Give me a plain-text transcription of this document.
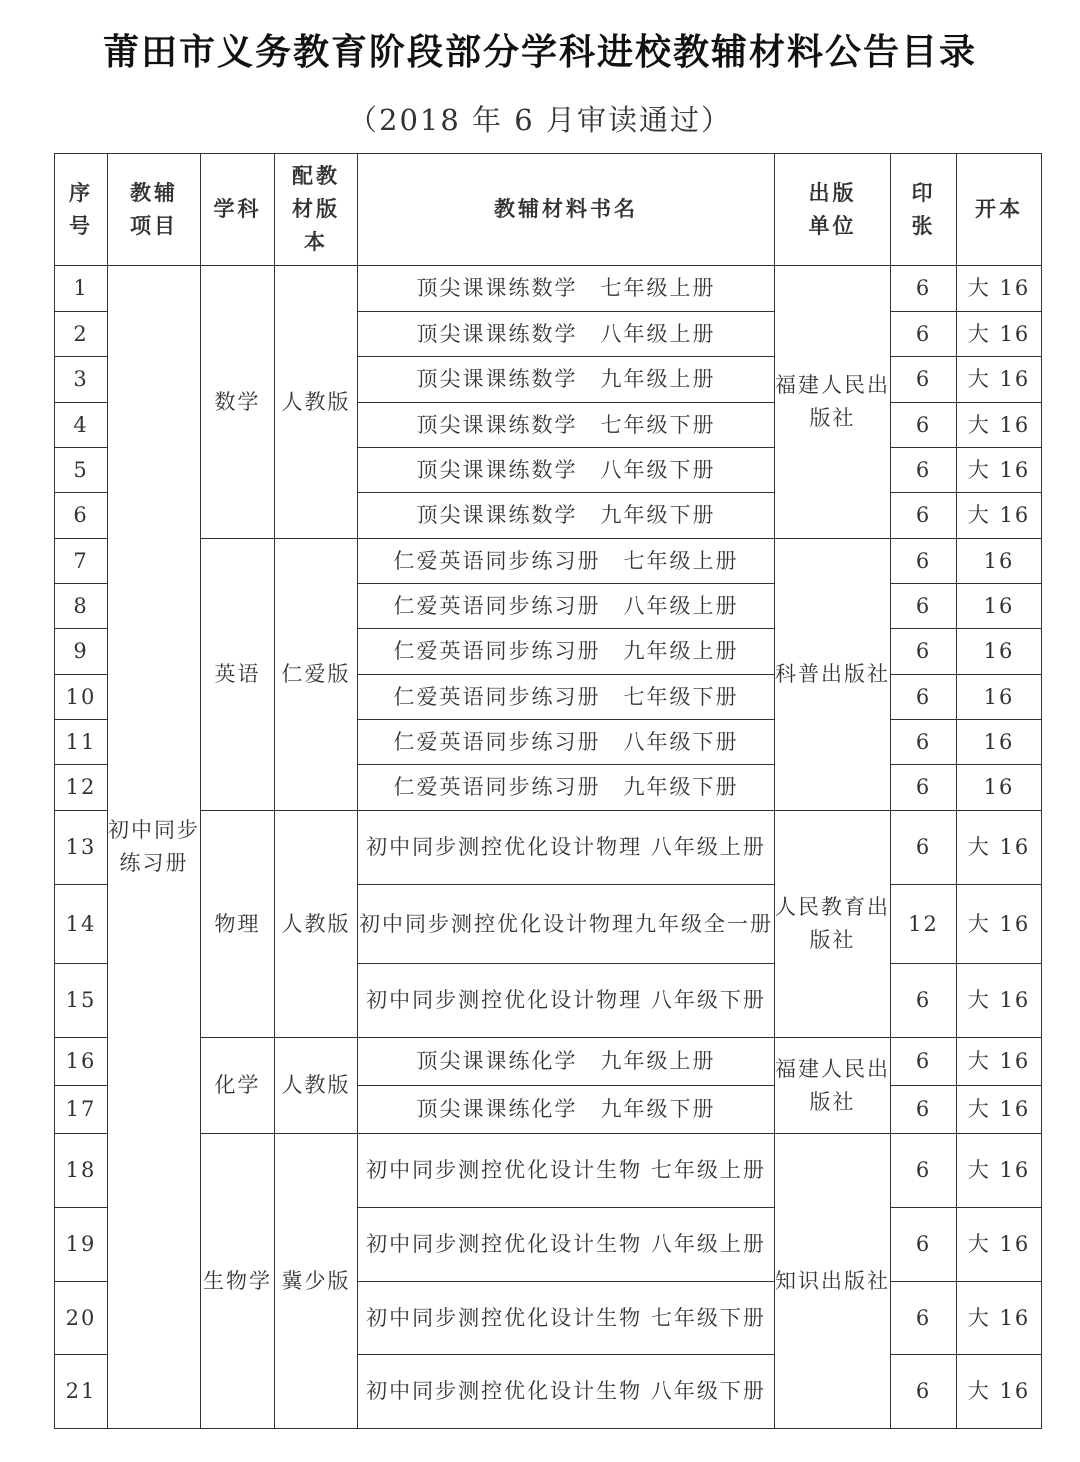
莆田市义务教育阶段部分学科进校教辅材料公告目录

（2018 年 6 月审读通过）

序号	教辅项目	学科	配教材版本	教辅材料书名	出版单位	印张	开本
1	初中同步练习册	数学	人教版	顶尖课课练数学　七年级上册	福建人民出版社	6	大 16
2				顶尖课课练数学　八年级上册		6	大 16
3				顶尖课课练数学　九年级上册		6	大 16
4				顶尖课课练数学　七年级下册		6	大 16
5				顶尖课课练数学　八年级下册		6	大 16
6				顶尖课课练数学　九年级下册		6	大 16
7		英语	仁爱版	仁爱英语同步练习册　七年级上册	科普出版社	6	16
8				仁爱英语同步练习册　八年级上册		6	16
9				仁爱英语同步练习册　九年级上册		6	16
10				仁爱英语同步练习册　七年级下册		6	16
11				仁爱英语同步练习册　八年级下册		6	16
12				仁爱英语同步练习册　九年级下册		6	16
13		物理	人教版	初中同步测控优化设计物理 八年级上册	人民教育出版社	6	大 16
14				初中同步测控优化设计物理九年级全一册		12	大 16
15				初中同步测控优化设计物理 八年级下册		6	大 16
16		化学	人教版	顶尖课课练化学　九年级上册	福建人民出版社	6	大 16
17				顶尖课课练化学　九年级下册		6	大 16
18		生物学	冀少版	初中同步测控优化设计生物 七年级上册	知识出版社	6	大 16
19				初中同步测控优化设计生物 八年级上册		6	大 16
20				初中同步测控优化设计生物 七年级下册		6	大 16
21				初中同步测控优化设计生物 八年级下册		6	大 16
